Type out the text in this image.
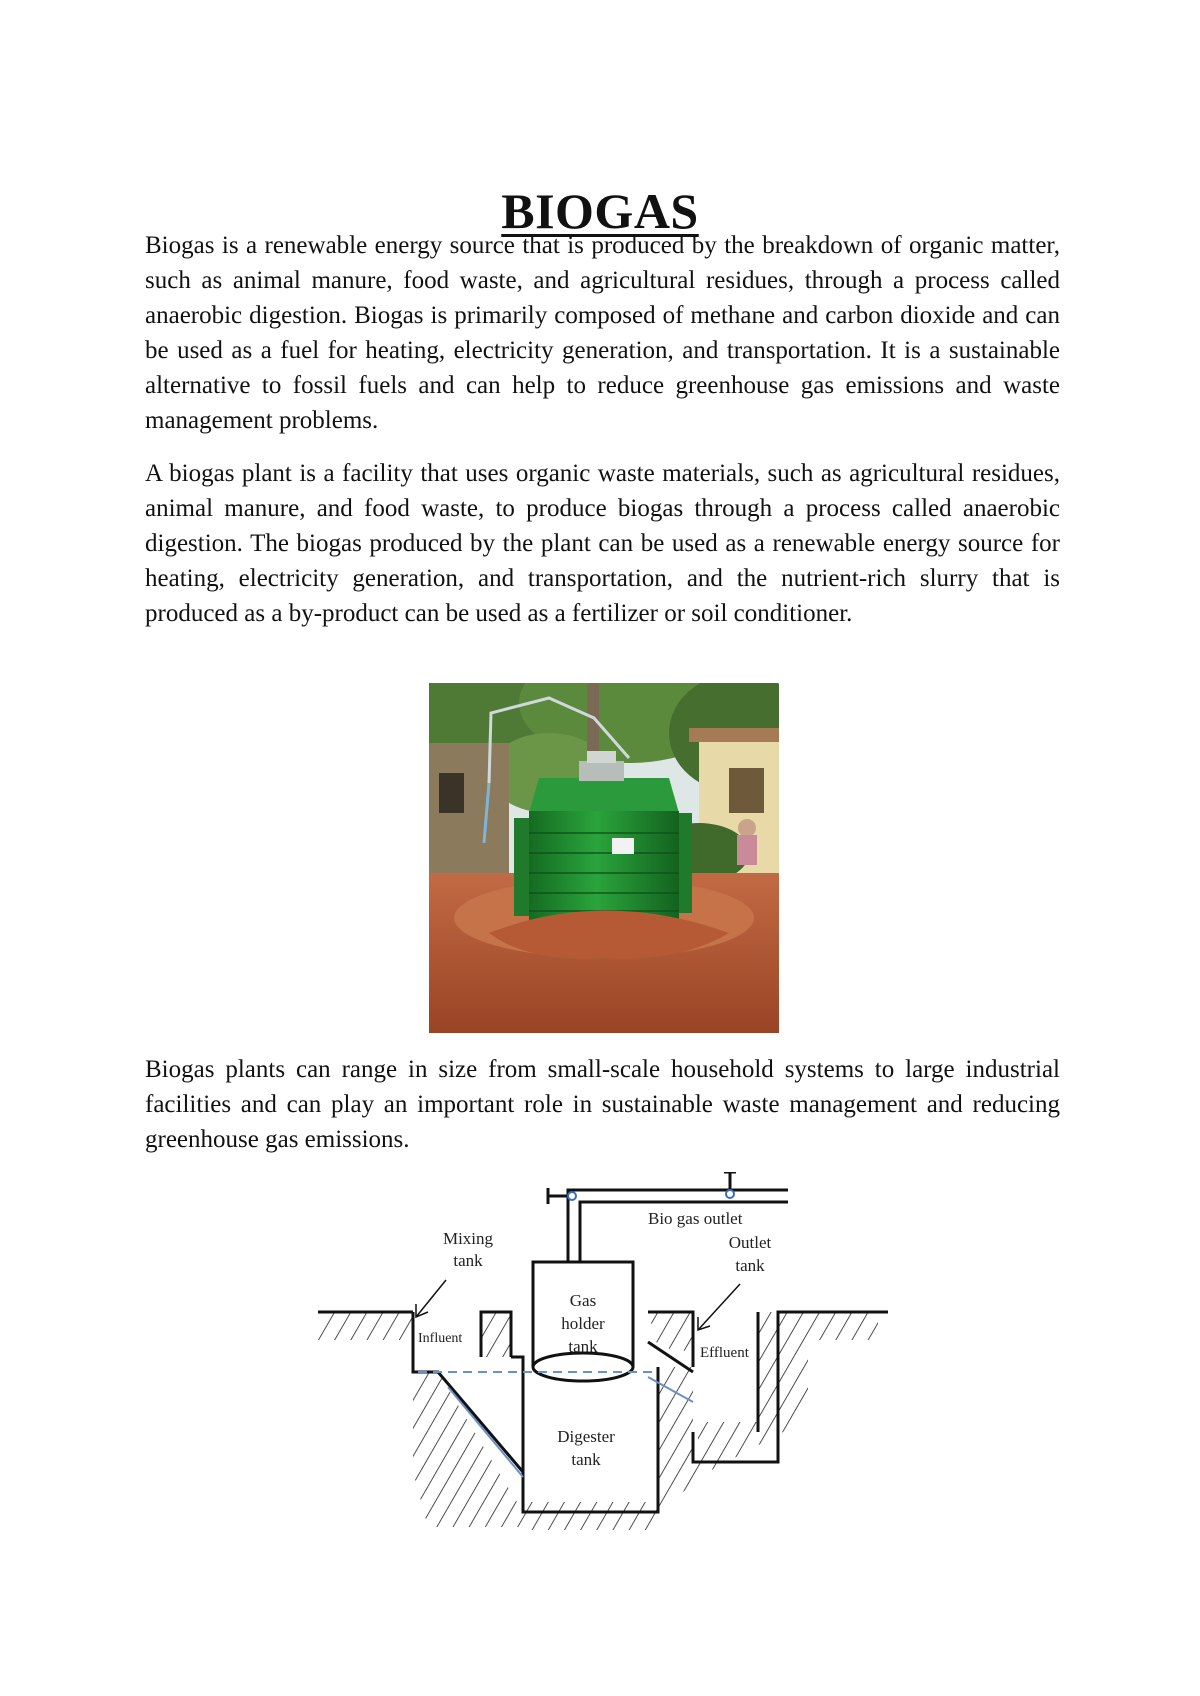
BIOGAS

Biogas is a renewable energy source that is produced by the breakdown of organic matter, such as animal manure, food waste, and agricultural residues, through a process called anaerobic digestion. Biogas is primarily composed of methane and carbon dioxide and can be used as a fuel for heating, electricity generation, and transportation. It is a sustainable alternative to fossil fuels and can help to reduce greenhouse gas emissions and waste management problems.

A biogas plant is a facility that uses organic waste materials, such as agricultural residues, animal manure, and food waste, to produce biogas through a process called anaerobic digestion. The biogas produced by the plant can be used as a renewable energy source for heating, electricity generation, and transportation, and the nutrient-rich slurry that is produced as a by-product can be used as a fertilizer or soil conditioner.

Biogas plants can range in size from small-scale household systems to large industrial facilities and can play an important role in sustainable waste management and reducing greenhouse gas emissions.

Mixing
tank
Influent
Gas
holder
tank
Digester
tank
Outlet
tank
Effluent
Bio gas outlet
